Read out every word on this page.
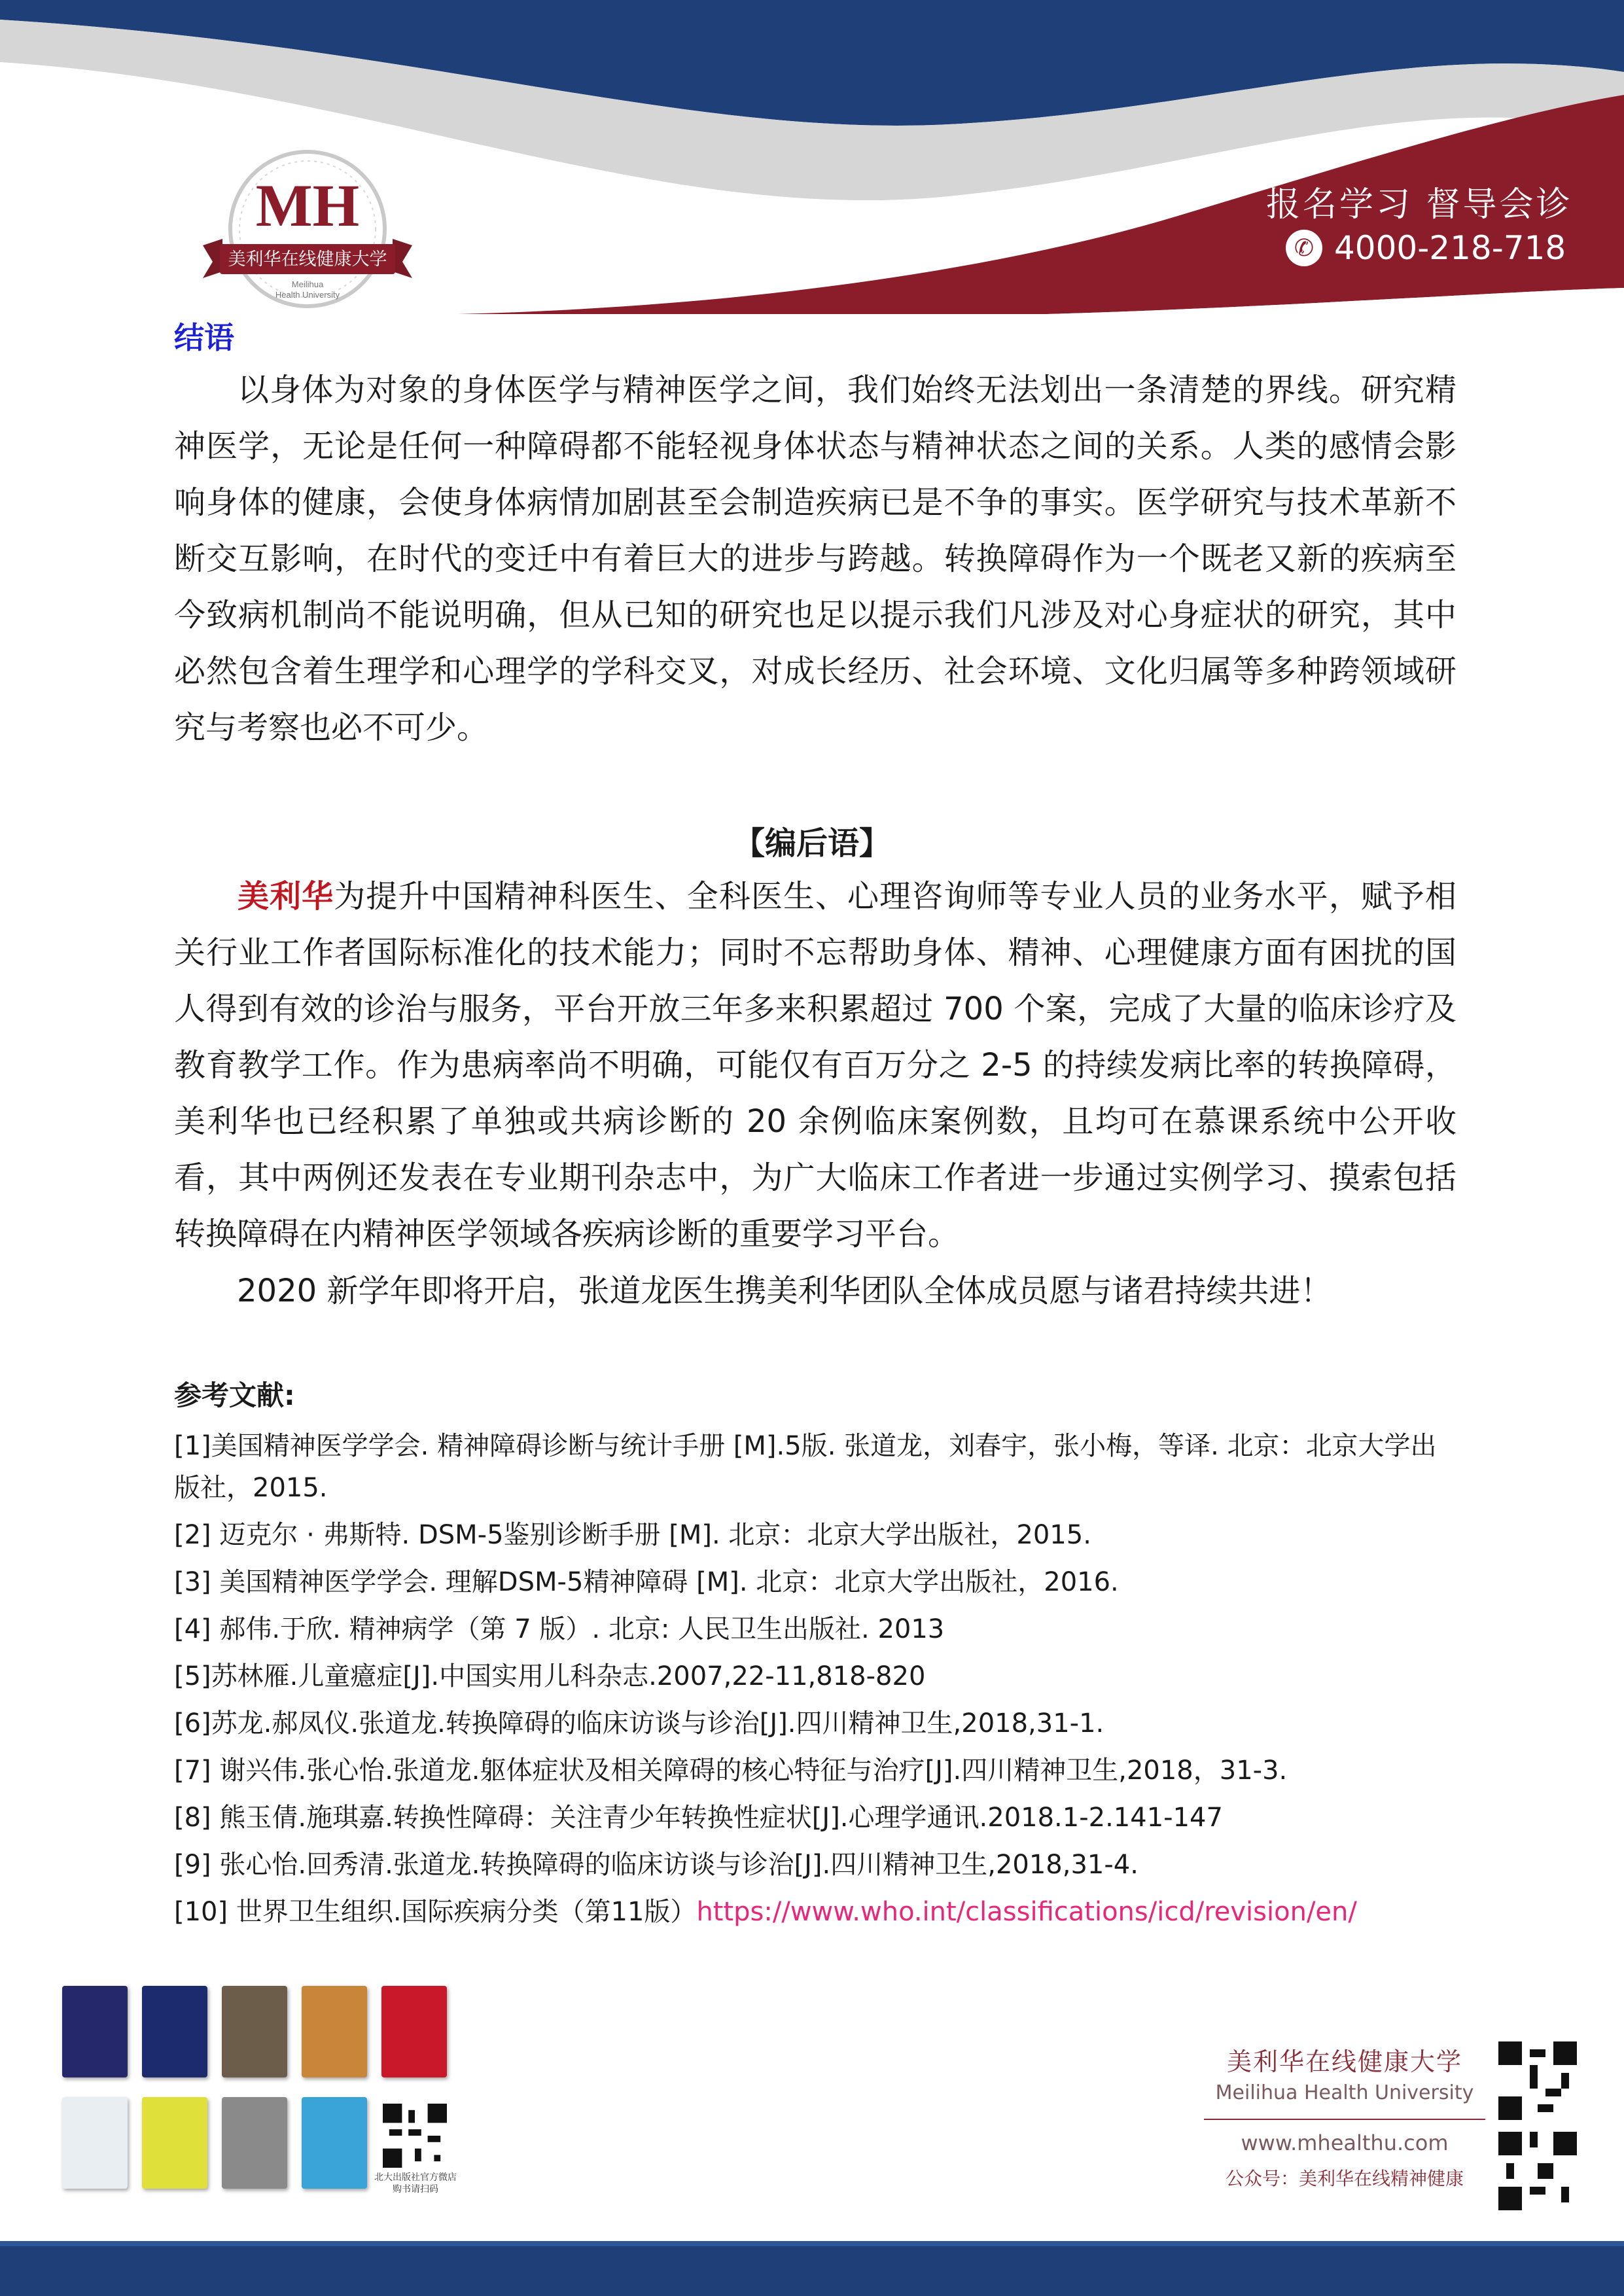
MH
美利华在线健康大学
Meilihua
Health University
报名学习 督导会诊
✆ 4000-218-718
结语
以身体为对象的身体医学与精神医学之间，我们始终无法划出一条清楚的界线。研究精神医学，无论是任何一种障碍都不能轻视身体状态与精神状态之间的关系。人类的感情会影响身体的健康，会使身体病情加剧甚至会制造疾病已是不争的事实。医学研究与技术革新不断交互影响，在时代的变迁中有着巨大的进步与跨越。转换障碍作为一个既老又新的疾病至今致病机制尚不能说明确，但从已知的研究也足以提示我们凡涉及对心身症状的研究，其中必然包含着生理学和心理学的学科交叉，对成长经历、社会环境、文化归属等多种跨领域研究与考察也必不可少。
【编后语】
美利华为提升中国精神科医生、全科医生、心理咨询师等专业人员的业务水平，赋予相关行业工作者国际标准化的技术能力；同时不忘帮助身体、精神、心理健康方面有困扰的国人得到有效的诊治与服务，平台开放三年多来积累超过 700 个案，完成了大量的临床诊疗及教育教学工作。作为患病率尚不明确，可能仅有百万分之 2-5 的持续发病比率的转换障碍，美利华也已经积累了单独或共病诊断的 20 余例临床案例数，且均可在慕课系统中公开收看，其中两例还发表在专业期刊杂志中，为广大临床工作者进一步通过实例学习、摸索包括转换障碍在内精神医学领域各疾病诊断的重要学习平台。
2020 新学年即将开启，张道龙医生携美利华团队全体成员愿与诸君持续共进！
参考文献:
[1]美国精神医学学会. 精神障碍诊断与统计手册 [M].5版. 张道龙，刘春宇，张小梅，等译. 北京：北京大学出版社，2015.
[2] 迈克尔 · 弗斯特. DSM-5鉴别诊断手册 [M]. 北京：北京大学出版社，2015.
[3] 美国精神医学学会. 理解DSM-5精神障碍 [M]. 北京：北京大学出版社，2016.
[4] 郝伟.于欣. 精神病学（第 7 版）. 北京: 人民卫生出版社. 2013
[5]苏林雁.儿童癔症[J].中国实用儿科杂志.2007,22-11,818-820
[6]苏龙.郝凤仪.张道龙.转换障碍的临床访谈与诊治[J].四川精神卫生,2018,31-1.
[7] 谢兴伟.张心怡.张道龙.躯体症状及相关障碍的核心特征与治疗[J].四川精神卫生,2018，31-3.
[8] 熊玉倩.施琪嘉.转换性障碍：关注青少年转换性症状[J].心理学通讯.2018.1-2.141-147
[9] 张心怡.回秀清.张道龙.转换障碍的临床访谈与诊治[J].四川精神卫生,2018,31-4.
[10] 世界卫生组织.国际疾病分类（第11版）https://www.who.int/classifications/icd/revision/en/
北大出版社官方微店
购书请扫码
美利华在线健康大学
Meilihua Health University
www.mhealthu.com
公众号：美利华在线精神健康
